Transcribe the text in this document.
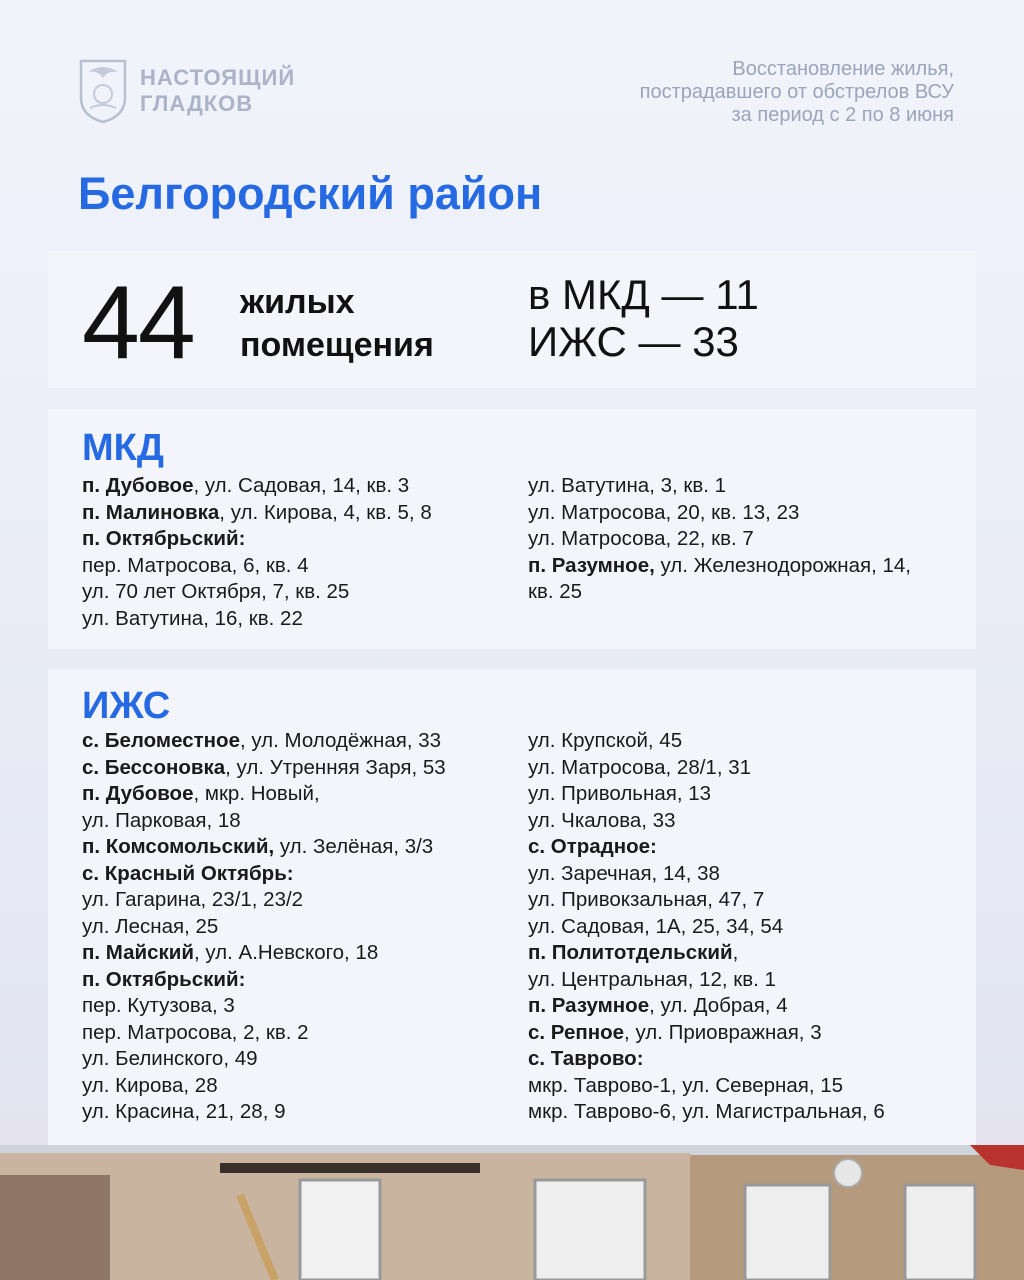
НАСТОЯЩИЙ
ГЛАДКОВ
Восстановление жилья,
пострадавшего от обстрелов ВСУ
за период с 2 по 8 июня
Белгородский район
44 жилых
помещения
в МКД — 11
ИЖС — 33
МКД
п. Дубовое, ул. Садовая, 14, кв. 3
п. Малиновка, ул. Кирова, 4, кв. 5, 8
п. Октябрьский:
пер. Матросова, 6, кв. 4
ул. 70 лет Октября, 7, кв. 25
ул. Ватутина, 16, кв. 22
ул. Ватутина, 3, кв. 1
ул. Матросова, 20, кв. 13, 23
ул. Матросова, 22, кв. 7
п. Разумное, ул. Железнодорожная, 14,
кв. 25
ИЖС
с. Беломестное, ул. Молодёжная, 33
с. Бессоновка, ул. Утренняя Заря, 53
п. Дубовое, мкр. Новый,
ул. Парковая, 18
п. Комсомольский, ул. Зелёная, 3/3
с. Красный Октябрь:
ул. Гагарина, 23/1, 23/2
ул. Лесная, 25
п. Майский, ул. А.Невского, 18
п. Октябрьский:
пер. Кутузова, 3
пер. Матросова, 2, кв. 2
ул. Белинского, 49
ул. Кирова, 28
ул. Красина, 21, 28, 9
ул. Крупской, 45
ул. Матросова, 28/1, 31
ул. Привольная, 13
ул. Чкалова, 33
с. Отрадное:
ул. Заречная, 14, 38
ул. Привокзальная, 47, 7
ул. Садовая, 1А, 25, 34, 54
п. Политотдельский,
ул. Центральная, 12, кв. 1
п. Разумное, ул. Добрая, 4
с. Репное, ул. Приовражная, 3
с. Таврово:
мкр. Таврово-1, ул. Северная, 15
мкр. Таврово-6, ул. Магистральная, 6
